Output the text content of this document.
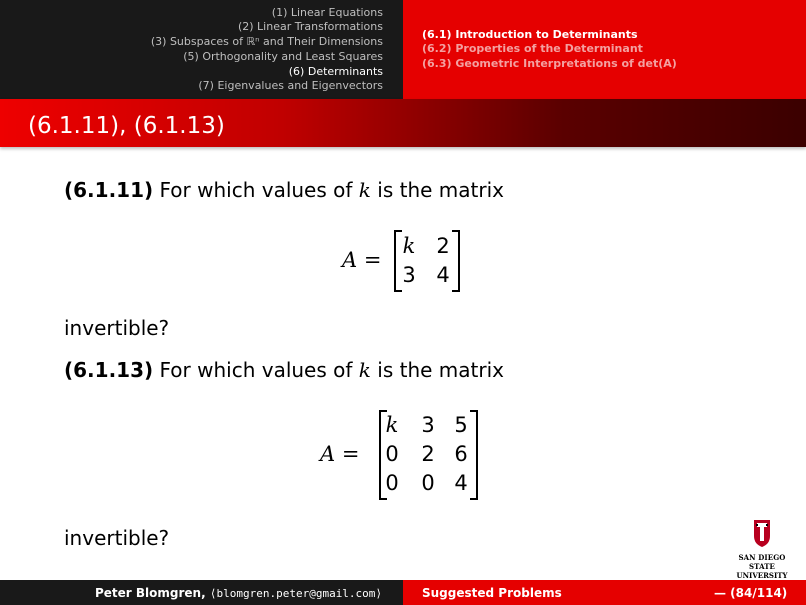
(1) Linear Equations
(2) Linear Transformations
(3) Subspaces of ℝⁿ and Their Dimensions
(5) Orthogonality and Least Squares
(6) Determinants
(7) Eigenvalues and Eigenvectors
(6.1) Introduction to Determinants
(6.2) Properties of the Determinant
(6.3) Geometric Interpretations of det(A)
(6.1.11), (6.1.13)
(6.1.11) For which values of k is the matrix
A =
k 2
3 4
invertible?
(6.1.13) For which values of k is the matrix
A =
k 3 5
0 2 6
0 0 4
invertible?
SAN DIEGO STATE
UNIVERSITY
Peter Blomgren, ⟨blomgren.peter@gmail.com⟩	Suggested Problems	— (84/114)
